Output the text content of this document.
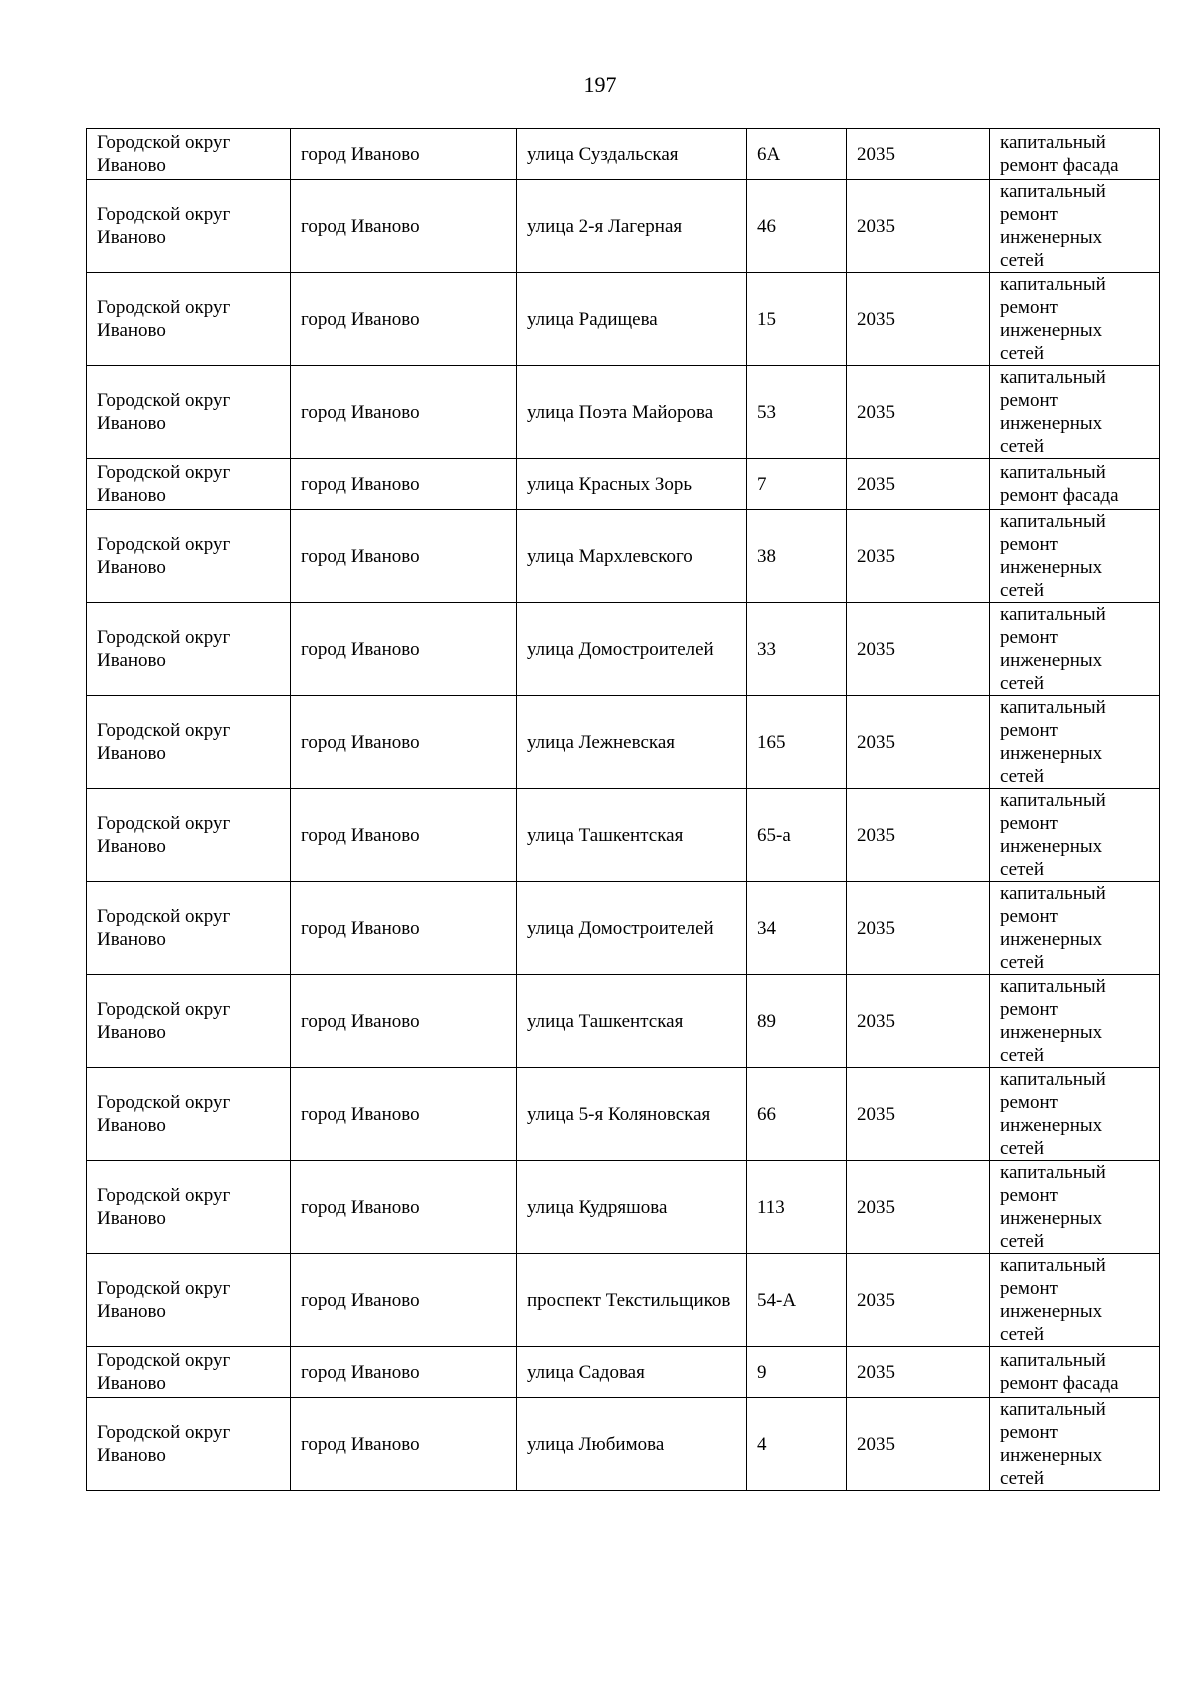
197
Городской округ Иваново	город Иваново	улица Суздальская	6А	2035	капитальный ремонт фасада
Городской округ Иваново	город Иваново	улица 2-я Лагерная	46	2035	капитальный ремонт инженерных сетей
Городской округ Иваново	город Иваново	улица Радищева	15	2035	капитальный ремонт инженерных сетей
Городской округ Иваново	город Иваново	улица Поэта Майорова	53	2035	капитальный ремонт инженерных сетей
Городской округ Иваново	город Иваново	улица Красных Зорь	7	2035	капитальный ремонт фасада
Городской округ Иваново	город Иваново	улица Мархлевского	38	2035	капитальный ремонт инженерных сетей
Городской округ Иваново	город Иваново	улица Домостроителей	33	2035	капитальный ремонт инженерных сетей
Городской округ Иваново	город Иваново	улица Лежневская	165	2035	капитальный ремонт инженерных сетей
Городской округ Иваново	город Иваново	улица Ташкентская	65-а	2035	капитальный ремонт инженерных сетей
Городской округ Иваново	город Иваново	улица Домостроителей	34	2035	капитальный ремонт инженерных сетей
Городской округ Иваново	город Иваново	улица Ташкентская	89	2035	капитальный ремонт инженерных сетей
Городской округ Иваново	город Иваново	улица 5-я Коляновская	66	2035	капитальный ремонт инженерных сетей
Городской округ Иваново	город Иваново	улица Кудряшова	113	2035	капитальный ремонт инженерных сетей
Городской округ Иваново	город Иваново	проспект Текстильщиков	54-А	2035	капитальный ремонт инженерных сетей
Городской округ Иваново	город Иваново	улица Садовая	9	2035	капитальный ремонт фасада
Городской округ Иваново	город Иваново	улица Любимова	4	2035	капитальный ремонт инженерных сетей
